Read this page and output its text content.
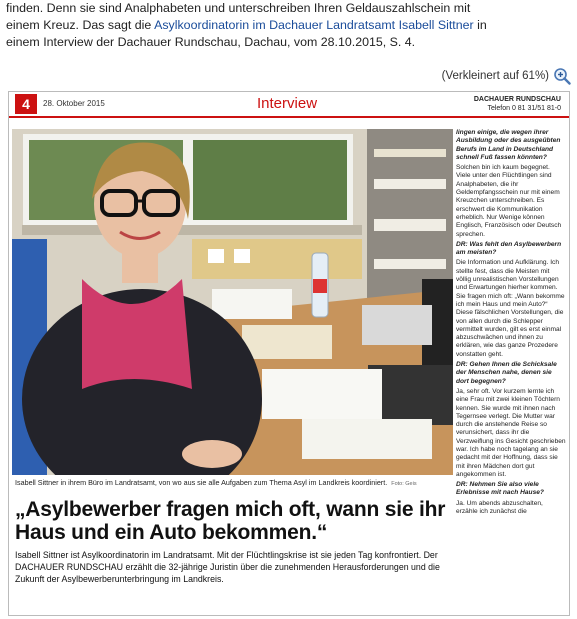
finden. Denn sie sind Analphabeten und unterschreiben Ihren Geldauszahlschein mit
einem Kreuz. Das sagt die Asylkoordinatorin im Dachauer Landratsamt Isabell Sittner in
einem Interview der Dachauer Rundschau, Dachau, vom 28.10.2015, S. 4.
(Verkleinert auf 61%)
4	28. Oktober 2015	Interview	DACHAUER RUNDSCHAU
Telefon 0 81 31/51 81-0
Isabell Sittner in ihrem Büro im Landratsamt, von wo aus sie alle Aufgaben zum Thema Asyl im Landkreis koordiniert. Foto: Geis
„Asylbewerber fragen mich oft, wann sie ihr Haus und ein Auto bekommen.“
Isabell Sittner ist Asylkoordinatorin im Landratsamt. Mit der Flüchtlingskrise ist sie jeden Tag konfrontiert. Der DACHAUER RUNDSCHAU erzählt die 32-jährige Juristin über die zunehmenden Herausforderungen und die Zukunft der Asylbewerberunterbringung im Landkreis.

lingen einige, die wegen ihrer Ausbildung oder des ausgeübten Berufs im Land in Deutschland schnell Fuß fassen könnten?

Solchen bin ich kaum begegnet. Viele unter den Flüchtlingen sind Analphabeten, die ihr Geldempfangsschein nur mit einem Kreuzchen unterschreiben. Es erschwert die Kommunikation erheblich. Nur Wenige können Englisch, Französisch oder Deutsch sprechen.

DR: Was fehlt den Asylbewerbern am meisten?

Die Information und Aufklärung. Ich stellte fest, dass die Meisten mit völlig unrealistischen Vorstellungen und Erwartungen hierher kommen. Sie fragen mich oft: „Wann bekomme ich mein Haus und mein Auto?“ Diese fälschlichen Vorstellungen, die von allen durch die Schlepper vermittelt wurden, gilt es erst einmal abzuschwächen und ihnen zu erklären, wie das ganze Prozedere vonstatten geht.

DR: Gehen Ihnen die Schicksale der Menschen nahe, denen sie dort begegnen?

Ja, sehr oft. Vor kurzem lernte ich eine Frau mit zwei kleinen Töchtern kennen. Sie wurde mit ihnen nach Tegernsee verlegt. Die Mutter war durch die anstehende Reise so verunsichert, dass ihr die Verzweiflung ins Gesicht geschrieben war. Ich habe noch tagelang an sie gedacht mit der Hoffnung, dass sie mit ihren Mädchen dort gut angekommen ist.

DR: Nehmen Sie also viele Erlebnisse mit nach Hause?

Ja. Um abends abzuschalten, erzähle ich zunächst die
